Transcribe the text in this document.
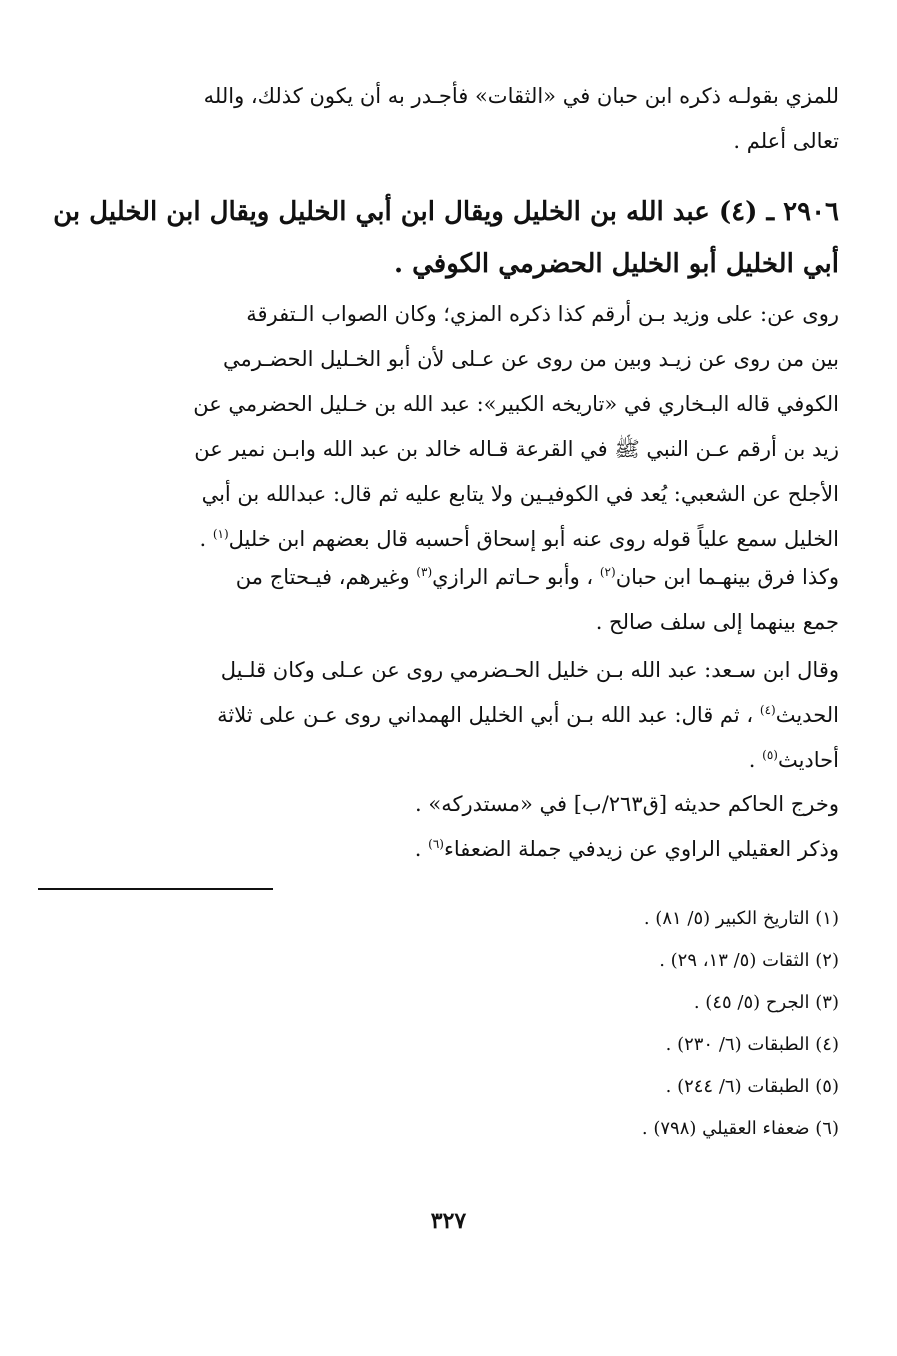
للمزي بقولـه ذكره ابن حبان في «الثقات» فأجـدر به أن يكون كذلك، والله
تعالى أعلم .
٢٩٠٦ ـ (٤) عبد الله بن الخليل ويقال ابن أبي الخليل ويقال ابن الخليل بن
أبي الخليل أبو الخليل الحضرمي الكوفي .
روى عن: على وزيد بـن أرقم كذا ذكره المزي؛ وكان الصواب الـتفرقة
بين من روى عن زيـد وبين من روى عن عـلى لأن أبو الخـليل الحضـرمي
الكوفي قاله البـخاري في «تاريخه الكبير»: عبد الله بن خـليل الحضرمي عن
زيد بن أرقم عـن النبي ﷺ في القرعة قـاله خالد بن عبد الله وابـن نمير عن
الأجلح عن الشعبي: يُعد في الكوفيـين ولا يتابع عليه ثم قال: عبدالله بن أبي
الخليل سمع علياً قوله روى عنه أبو إسحاق أحسبه قال بعضهم ابن خليل$^{(١)}$ .
وكذا فرق بينهـما ابن حبان$^{(٢)}$ ، وأبو حـاتم الرازي$^{(٣)}$ وغيرهم، فيـحتاج من
جمع بينهما إلى سلف صالح .
وقال ابن سـعد: عبد الله بـن خليل الحـضرمي روى عن عـلى وكان قلـيل
الحديث$^{(٤)}$ ، ثم قال: عبد الله بـن أبي الخليل الهمداني روى عـن على ثلاثة
أحاديث$^{(٥)}$ .
وخرج الحاكم حديثه [ق٢٦٣/ب] في «مستدركه» .
وذكر العقيلي الراوي عن زيدفي جملة الضعفاء$^{(٦)}$ .
(١) التاريخ الكبير (٥/ ٨١) .
(٢) الثقات (٥/ ١٣، ٢٩) .
(٣) الجرح (٥/ ٤٥) .
(٤) الطبقات (٦/ ٢٣٠) .
(٥) الطبقات (٦/ ٢٤٤) .
(٦) ضعفاء العقيلي (٧٩٨) .
٣٢٧
